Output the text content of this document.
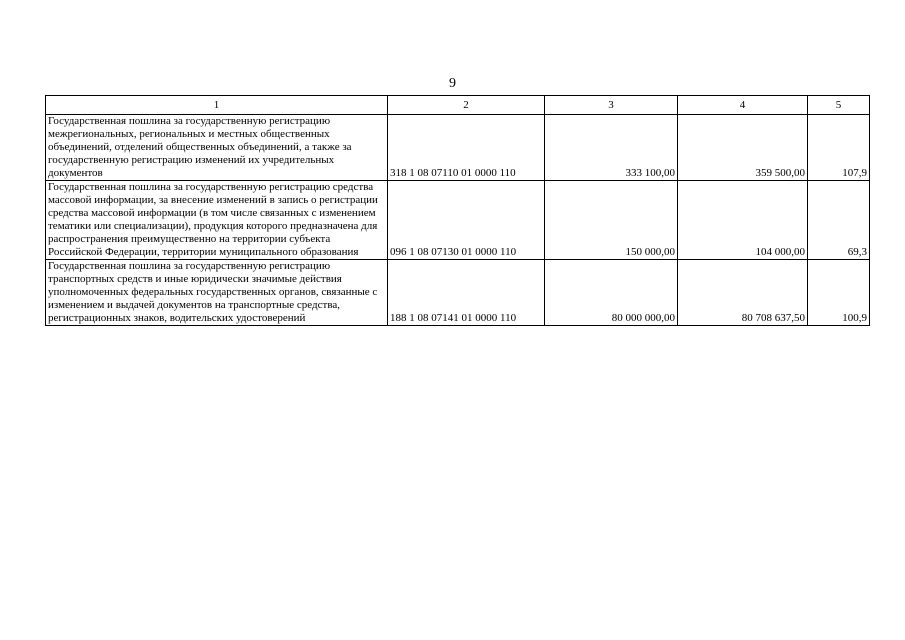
9
1	2	3	4	5
Государственная пошлина за государственную регистрацию межрегиональных, региональных и местных общественных объединений, отделений общественных объединений, а также за государственную регистрацию изменений их учредительных документов	318 1 08 07110 01 0000 110	333 100,00	359 500,00	107,9
Государственная пошлина за государственную регистрацию средства массовой информации, за внесение изменений в запись о регистрации средства массовой информации (в том числе связанных с изменением тематики или специализации), продукция которого предназначена для распространения преимущественно на территории субъекта Российской Федерации, территории муниципального образования	096 1 08 07130 01 0000 110	150 000,00	104 000,00	69,3
Государственная пошлина за государственную регистрацию транспортных средств и иные юридически значимые действия уполномоченных федеральных государственных органов, связанные с изменением и выдачей документов на транспортные средства, регистрационных знаков, водительских удостоверений	188 1 08 07141 01 0000 110	80 000 000,00	80 708 637,50	100,9
